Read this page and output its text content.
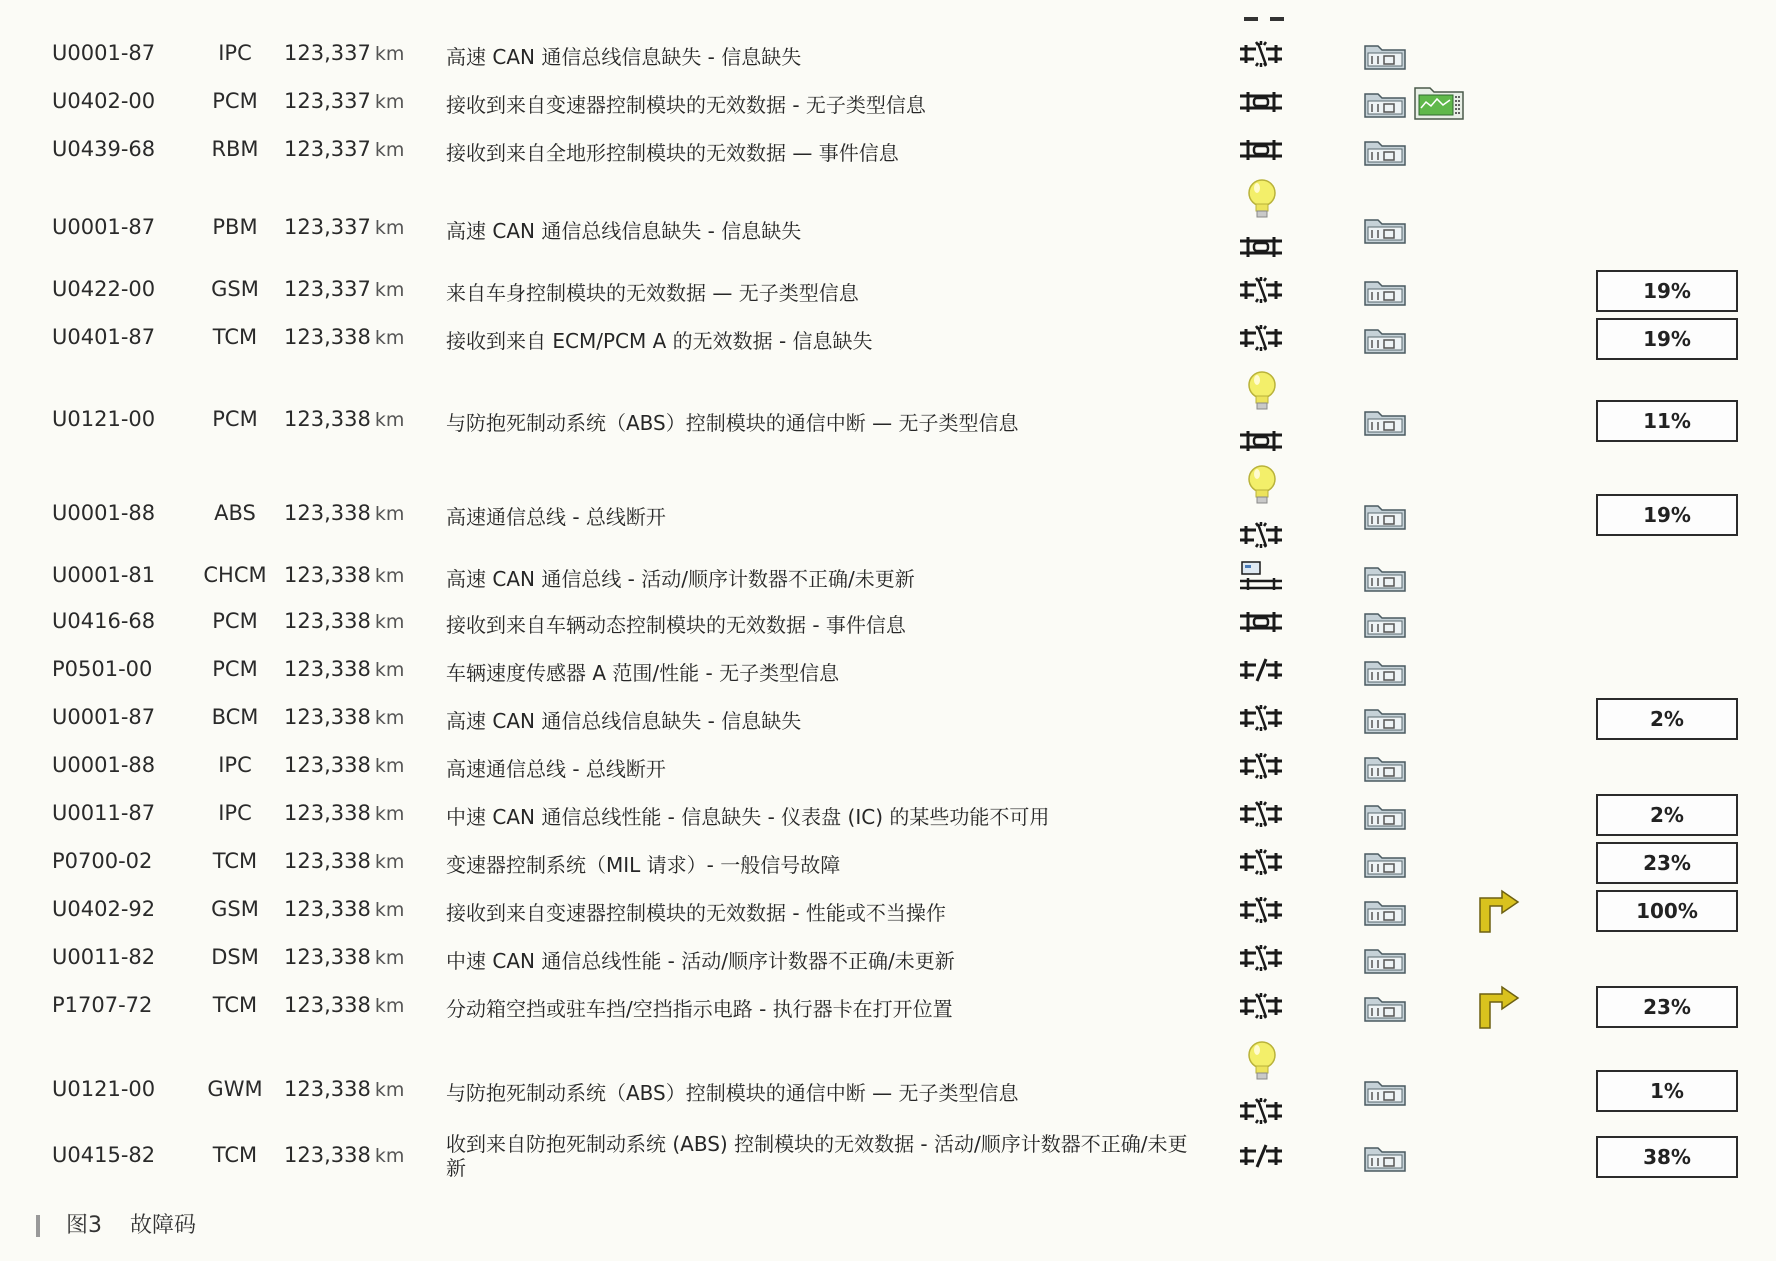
U0001-87	IPC	123,337 km	高速 CAN 通信总线信息缺失 - 信息缺失
U0402-00	PCM	123,337 km	接收到来自变速器控制模块的无效数据 - 无子类型信息
U0439-68	RBM	123,337 km	接收到来自全地形控制模块的无效数据 — 事件信息
U0001-87	PBM	123,337 km	高速 CAN 通信总线信息缺失 - 信息缺失
U0422-00	GSM	123,337 km	来自车身控制模块的无效数据 — 无子类型信息	19%
U0401-87	TCM	123,338 km	接收到来自 ECM/PCM A 的无效数据 - 信息缺失	19%
U0121-00	PCM	123,338 km	与防抱死制动系统（ABS）控制模块的通信中断 — 无子类型信息	11%
U0001-88	ABS	123,338 km	高速通信总线 - 总线断开	19%
U0001-81	CHCM 123,338 km	高速 CAN 通信总线 - 活动/顺序计数器不正确/未更新
U0416-68	PCM	123,338 km	接收到来自车辆动态控制模块的无效数据 - 事件信息
P0501-00	PCM	123,338 km	车辆速度传感器 A 范围/性能 - 无子类型信息
U0001-87	BCM	123,338 km	高速 CAN 通信总线信息缺失 - 信息缺失	2%
U0001-88	IPC	123,338 km	高速通信总线 - 总线断开
U0011-87	IPC	123,338 km	中速 CAN 通信总线性能 - 信息缺失 - 仪表盘 (IC) 的某些功能不可用	2%
P0700-02	TCM	123,338 km	变速器控制系统（MIL 请求）- 一般信号故障	23%
U0402-92	GSM	123,338 km	接收到来自变速器控制模块的无效数据 - 性能或不当操作	100%
U0011-82	DSM	123,338 km	中速 CAN 通信总线性能 - 活动/顺序计数器不正确/未更新
P1707-72	TCM	123,338 km	分动箱空挡或驻车挡/空挡指示电路 - 执行器卡在打开位置	23%
U0121-00	GWM	123,338 km	与防抱死制动系统（ABS）控制模块的通信中断 — 无子类型信息	1%
U0415-82	TCM	123,338 km	收到来自防抱死制动系统 (ABS) 控制模块的无效数据 - 活动/顺序计数器不正确/未更新	38%
图3 故障码
